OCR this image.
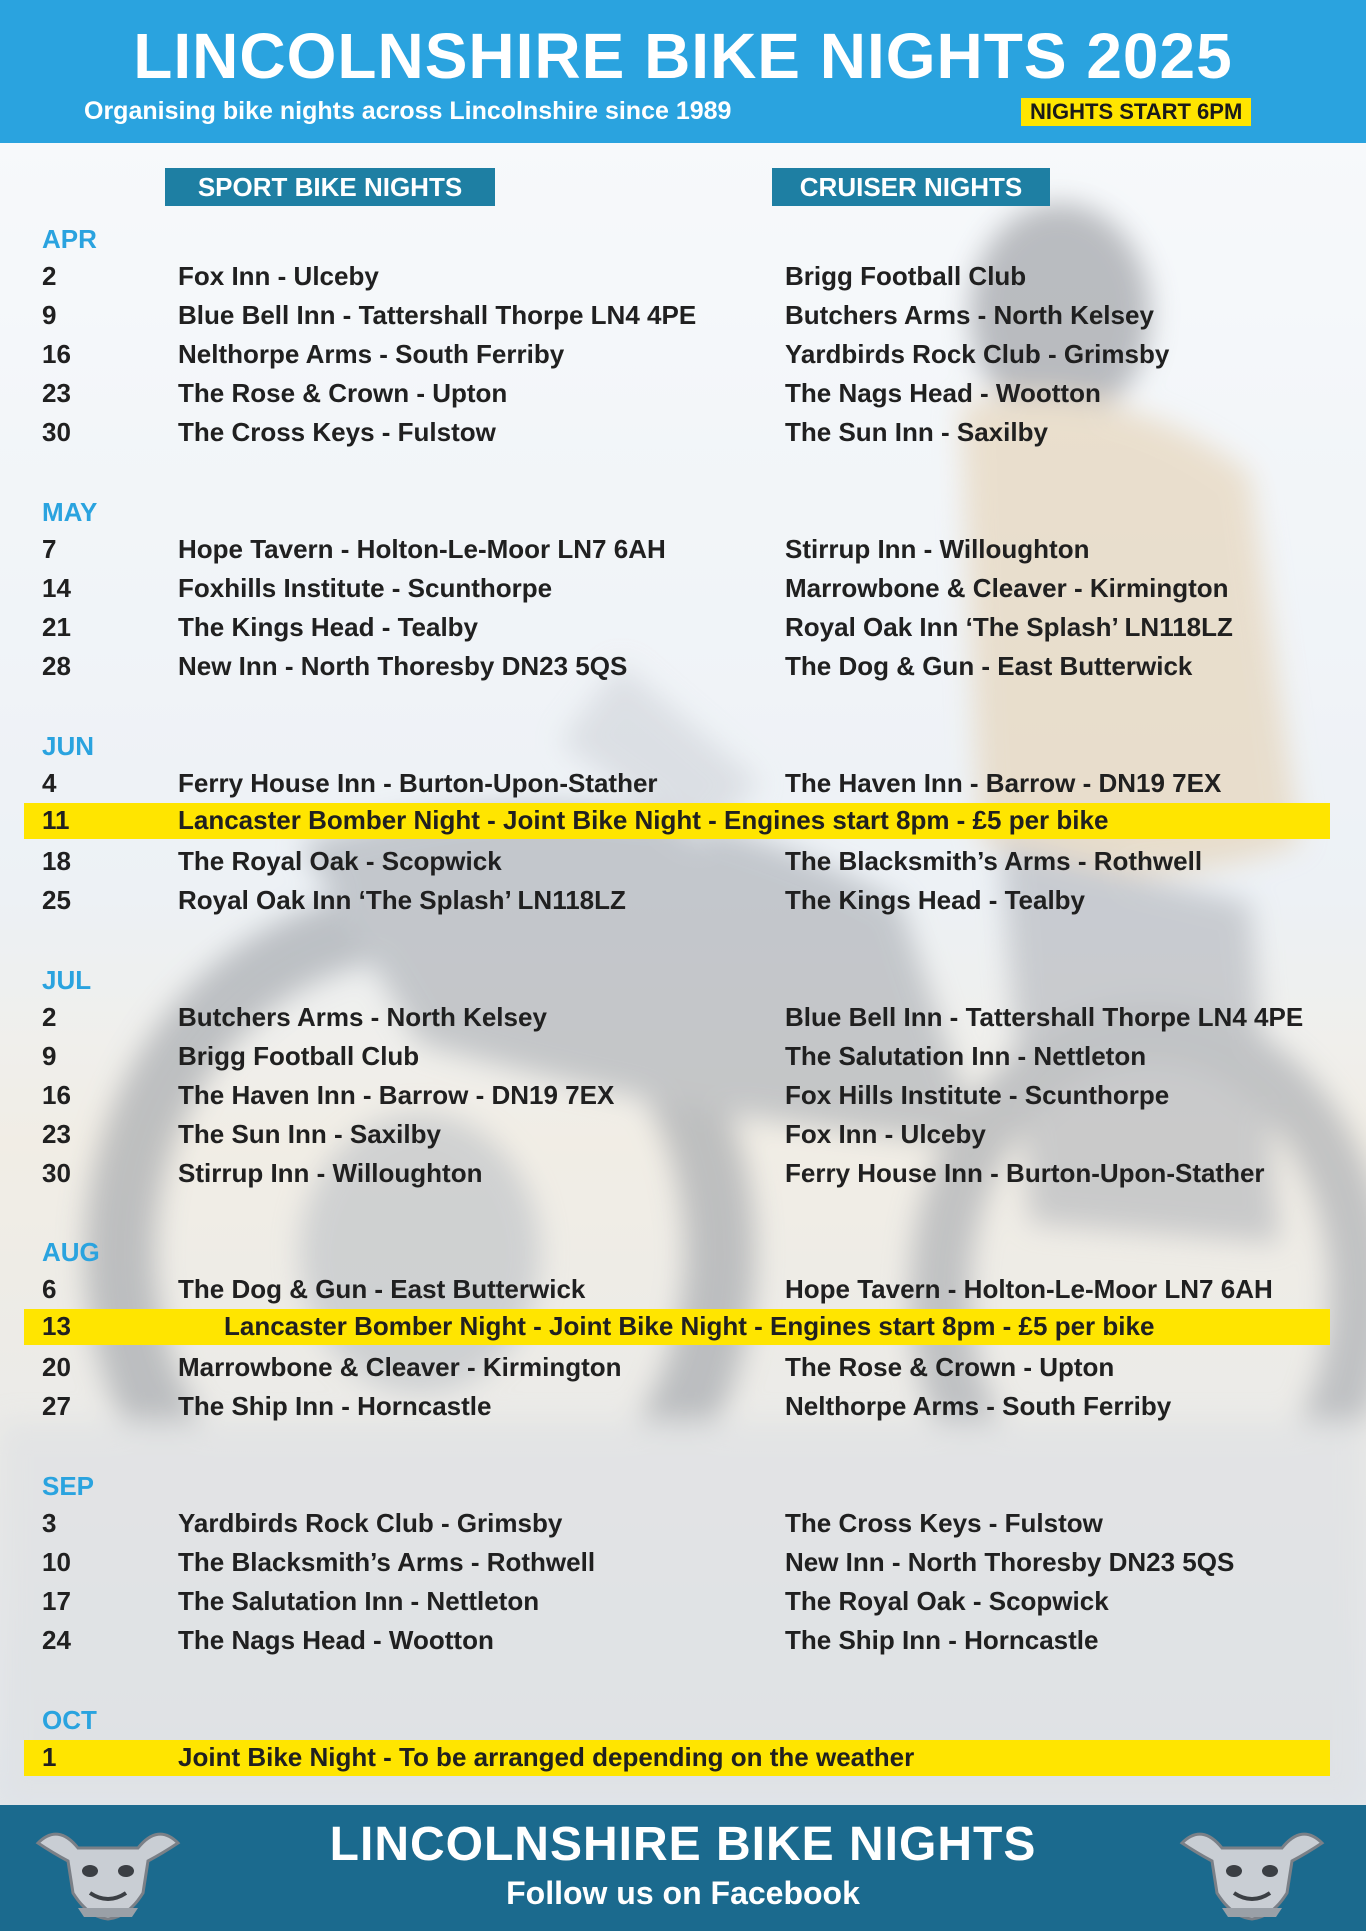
LINCOLNSHIRE BIKE NIGHTS 2025
Organising bike nights across Lincolnshire since 1989	NIGHTS START 6PM
SPORT BIKE NIGHTS	CRUISER NIGHTS
APR
2	Fox Inn - Ulceby	Brigg Football Club
9	Blue Bell Inn - Tattershall Thorpe LN4 4PE	Butchers Arms - North Kelsey
16	Nelthorpe Arms - South Ferriby	Yardbirds Rock Club - Grimsby
23	The Rose & Crown - Upton	The Nags Head - Wootton
30	The Cross Keys - Fulstow	The Sun Inn - Saxilby
MAY
7	Hope Tavern - Holton-Le-Moor LN7 6AH	Stirrup Inn - Willoughton
14	Foxhills Institute - Scunthorpe	Marrowbone & Cleaver - Kirmington
21	The Kings Head - Tealby	Royal Oak Inn ‘The Splash’ LN118LZ
28	New Inn - North Thoresby DN23 5QS	The Dog & Gun - East Butterwick
JUN
4	Ferry House Inn - Burton-Upon-Stather	The Haven Inn - Barrow - DN19 7EX
11	Lancaster Bomber Night - Joint Bike Night - Engines start 8pm - £5 per bike
18	The Royal Oak - Scopwick	The Blacksmith’s Arms - Rothwell
25	Royal Oak Inn ‘The Splash’ LN118LZ	The Kings Head - Tealby
JUL
2	Butchers Arms - North Kelsey	Blue Bell Inn - Tattershall Thorpe LN4 4PE
9	Brigg Football Club	The Salutation Inn - Nettleton
16	The Haven Inn - Barrow - DN19 7EX	Fox Hills Institute - Scunthorpe
23	The Sun Inn - Saxilby	Fox Inn - Ulceby
30	Stirrup Inn - Willoughton	Ferry House Inn - Burton-Upon-Stather
AUG
6	The Dog & Gun - East Butterwick	Hope Tavern - Holton-Le-Moor LN7 6AH
13	Lancaster Bomber Night - Joint Bike Night - Engines start 8pm - £5 per bike
20	Marrowbone & Cleaver - Kirmington	The Rose & Crown - Upton
27	The Ship Inn - Horncastle	Nelthorpe Arms - South Ferriby
SEP
3	Yardbirds Rock Club - Grimsby	The Cross Keys - Fulstow
10	The Blacksmith’s Arms - Rothwell	New Inn - North Thoresby DN23 5QS
17	The Salutation Inn - Nettleton	The Royal Oak - Scopwick
24	The Nags Head - Wootton	The Ship Inn - Horncastle
OCT
1	Joint Bike Night - To be arranged depending on the weather
LINCOLNSHIRE BIKE NIGHTS
Follow us on Facebook
